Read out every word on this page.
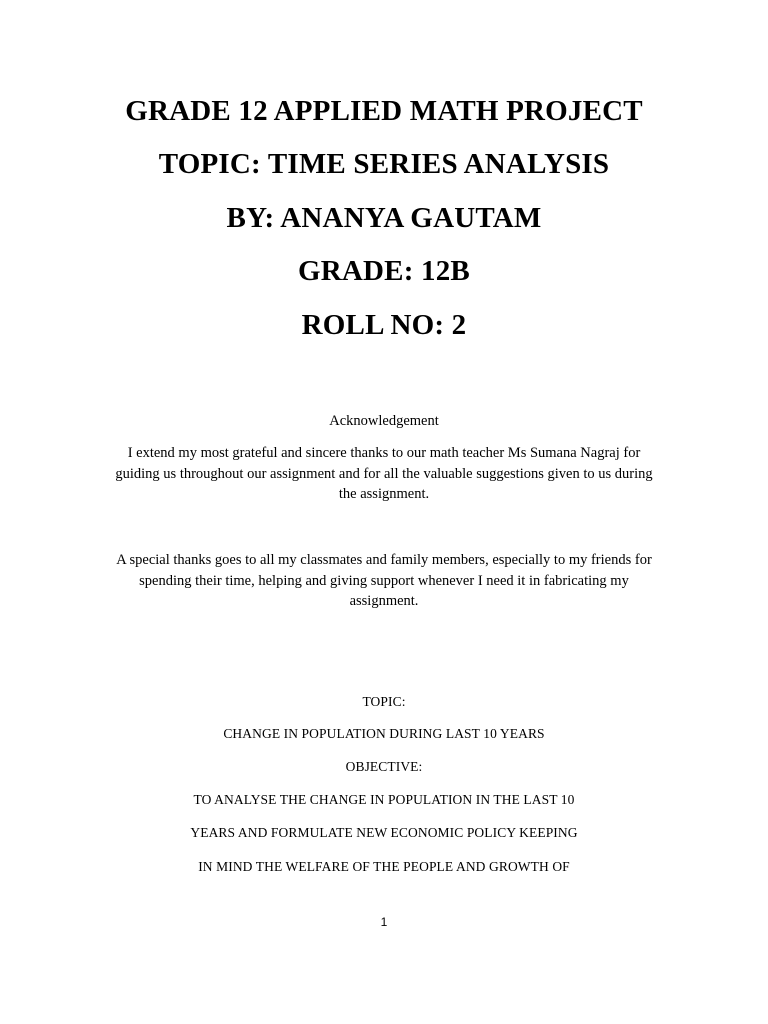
GRADE 12 APPLIED MATH PROJECT
TOPIC: TIME SERIES ANALYSIS
BY: ANANYA GAUTAM
GRADE: 12B
ROLL NO: 2
Acknowledgement
I extend my most grateful and sincere thanks to our math teacher Ms Sumana Nagraj for guiding us throughout our assignment and for all the valuable suggestions given to us during the assignment.
A special thanks goes to all my classmates and family members, especially to my friends for spending their time, helping and giving support whenever I need it in fabricating my assignment.
TOPIC:
CHANGE IN POPULATION DURING LAST 10 YEARS
OBJECTIVE:
TO ANALYSE THE CHANGE IN POPULATION IN THE LAST 10
YEARS AND FORMULATE NEW ECONOMIC POLICY KEEPING
IN MIND THE WELFARE OF THE PEOPLE AND GROWTH OF
1
